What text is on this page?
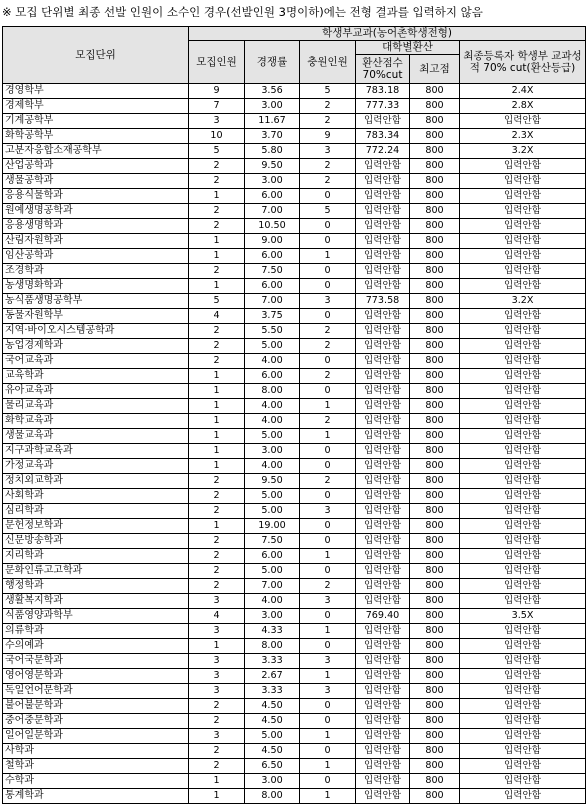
※ 모집 단위별 최종 선발 인원이 소수인 경우(선발인원 3명이하)에는 전형 결과를 입력하지 않음
모집단위	학생부교과(농어촌학생전형)					
	모집인원	경쟁률	충원인원	대학별환산		최종등록자 학생부 교과성적 70% cut(환산등급)
				환산점수 70%cut	최고점	
경영학부	9	3.56	5	783.18	800	2.4X
경제학부	7	3.00	2	777.33	800	2.8X
기계공학부	3	11.67	2	입력안함	800	입력안함
화학공학부	10	3.70	9	783.34	800	2.3X
고분자응합소재공학부	5	5.80	3	772.24	800	3.2X
산업공학과	2	9.50	2	입력안함	800	입력안함
생물공학과	2	3.00	2	입력안함	800	입력안함
응용식물학과	1	6.00	0	입력안함	800	입력안함
원예생명공학과	2	7.00	5	입력안함	800	입력안함
응용생명학과	2	10.50	0	입력안함	800	입력안함
산림자원학과	1	9.00	0	입력안함	800	입력안함
임산공학과	1	6.00	1	입력안함	800	입력안함
조경학과	2	7.50	0	입력안함	800	입력안함
농생명화학과	1	6.00	0	입력안함	800	입력안함
농식품생명공학부	5	7.00	3	773.58	800	3.2X
동물자원학부	4	3.75	0	입력안함	800	입력안함
지역·바이오시스템공학과	2	5.50	2	입력안함	800	입력안함
농업경제학과	2	5.00	2	입력안함	800	입력안함
국어교육과	2	4.00	0	입력안함	800	입력안함
교육학과	1	6.00	2	입력안함	800	입력안함
유아교육과	1	8.00	0	입력안함	800	입력안함
물리교육과	1	4.00	1	입력안함	800	입력안함
화학교육과	1	4.00	2	입력안함	800	입력안함
생물교육과	1	5.00	1	입력안함	800	입력안함
지구과학교육과	1	3.00	0	입력안함	800	입력안함
가정교육과	1	4.00	0	입력안함	800	입력안함
정치외교학과	2	9.50	2	입력안함	800	입력안함
사회학과	2	5.00	0	입력안함	800	입력안함
심리학과	2	5.00	3	입력안함	800	입력안함
문헌정보학과	1	19.00	0	입력안함	800	입력안함
신문방송학과	2	7.50	0	입력안함	800	입력안함
지리학과	2	6.00	1	입력안함	800	입력안함
문화인류고고학과	2	5.00	0	입력안함	800	입력안함
행정학과	2	7.00	2	입력안함	800	입력안함
생활복지학과	3	4.00	3	입력안함	800	입력안함
식품영양과학부	4	3.00	0	769.40	800	3.5X
의류학과	3	4.33	1	입력안함	800	입력안함
수의예과	1	8.00	0	입력안함	800	입력안함
국어국문학과	3	3.33	3	입력안함	800	입력안함
영어영문학과	3	2.67	1	입력안함	800	입력안함
독일언어문학과	3	3.33	3	입력안함	800	입력안함
불어불문학과	2	4.50	0	입력안함	800	입력안함
중어중문학과	2	4.50	0	입력안함	800	입력안함
일어일문학과	3	5.00	1	입력안함	800	입력안함
사학과	2	4.50	0	입력안함	800	입력안함
철학과	2	6.50	1	입력안함	800	입력안함
수학과	1	3.00	0	입력안함	800	입력안함
통계학과	1	8.00	1	입력안함	800	입력안함
